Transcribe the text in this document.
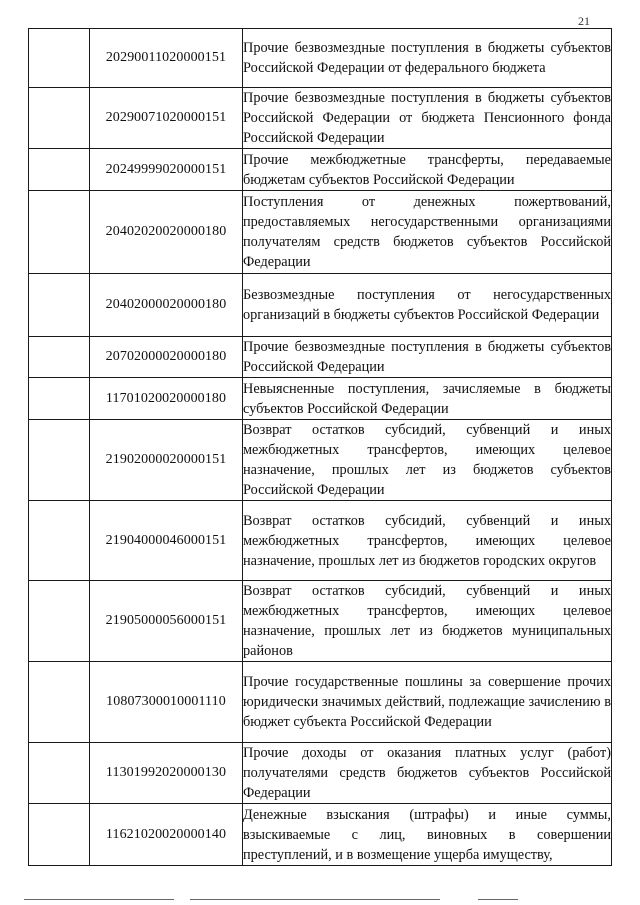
21
	20290011020000151	Прочие безвозмездные поступления в бюджеты субъектов Российской Федерации от федерального бюджета
	20290071020000151	Прочие безвозмездные поступления в бюджеты субъектов Российской Федерации от бюджета Пенсионного фонда Российской Федерации
	20249999020000151	Прочие межбюджетные трансферты, передаваемые бюджетам субъектов Российской Федерации
	20402020020000180	Поступления от денежных пожертвований, предоставляемых негосударственными организациями получателям средств бюджетов субъектов Российской Федерации
	20402000020000180	Безвозмездные поступления от негосударственных организаций в бюджеты субъектов Российской Федерации
	20702000020000180	Прочие безвозмездные поступления в бюджеты субъектов Российской Федерации
	11701020020000180	Невыясненные поступления, зачисляемые в бюджеты субъектов Российской Федерации
	21902000020000151	Возврат остатков субсидий, субвенций и иных межбюджетных трансфертов, имеющих целевое назначение, прошлых лет из бюджетов субъектов Российской Федерации
	21904000046000151	Возврат остатков субсидий, субвенций и иных межбюджетных трансфертов, имеющих целевое назначение, прошлых лет из бюджетов городских округов
	21905000056000151	Возврат остатков субсидий, субвенций и иных межбюджетных трансфертов, имеющих целевое назначение, прошлых лет из бюджетов муниципальных районов
	10807300010001110	Прочие государственные пошлины за совершение прочих юридически значимых действий, подлежащие зачислению в бюджет субъекта Российской Федерации
	11301992020000130	Прочие доходы от оказания платных услуг (работ) получателями средств бюджетов субъектов Российской Федерации
	11621020020000140	Денежные взыскания (штрафы) и иные суммы, взыскиваемые с лиц, виновных в совершении преступлений, и в возмещение ущерба имуществу,
